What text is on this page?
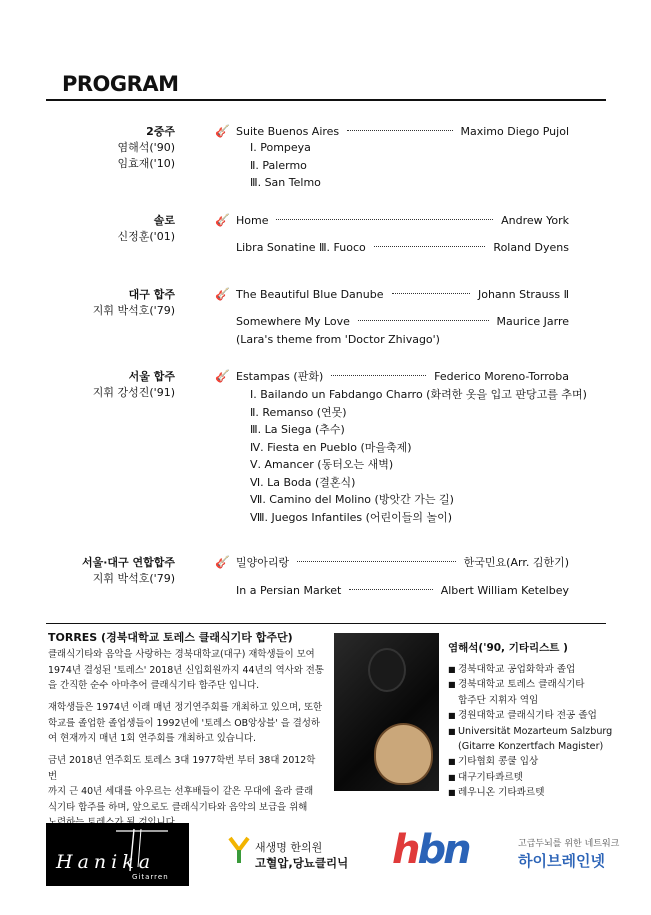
PROGRAM
2중주
염해석('90)
임효재('10)
🎸 Suite Buenos Aires	Maximo Diego Pujol
Ⅰ. Pompeya
Ⅱ. Palermo
Ⅲ. San Telmo
솔로
신정훈('01)
🎸 Home	Andrew York
Libra Sonatine Ⅲ. Fuoco	Roland Dyens
대구 합주
지휘 박석호('79)
🎸 The Beautiful Blue Danube	Johann Strauss Ⅱ
Somewhere My Love	Maurice Jarre
(Lara's theme from 'Doctor Zhivago')
서울 합주
지휘 강성진('91)
🎸 Estampas (판화)	Federico Moreno-Torroba
Ⅰ. Bailando un Fabdango Charro (화려한 옷을 입고 판당고를 추며)
Ⅱ. Remanso (연못)
Ⅲ. La Siega (추수)
Ⅳ. Fiesta en Pueblo (마을축제)
Ⅴ. Amancer (동터오는 새벽)
Ⅵ. La Boda (결혼식)
Ⅶ. Camino del Molino (방앗간 가는 길)
Ⅷ. Juegos Infantiles (어린이들의 놀이)
서울·대구 연합합주
지휘 박석호('79)
🎸 밀양아리랑	한국민요(Arr. 김한기)
In a Persian Market	Albert William Ketelbey
TORRES (경북대학교 토레스 클래식기타 합주단)
클래식기타와 음악을 사랑하는 경북대학교(대구) 재학생들이 모여
1974년 결성된 '토레스' 2018년 신입회원까지 44년의 역사와 전통
을 간직한 순수 아마추어 클래식기타 합주단 입니다.
재학생들은 1974년 이래 매년 정기연주회를 개최하고 있으며, 또한
학교를 졸업한 졸업생들이 1992년에 '토레스 OB앙상블' 을 결성하
여 현재까지 매년 1회 연주회를 개최하고 있습니다.
금년 2018년 연주회도 토레스 3대 1977학번 부터 38대 2012학번
까지 근 40년 세대를 아우르는 선후배들이 같은 무대에 올라 클래
식기타 합주를 하며, 앞으로도 클래식기타와 음악의 보급을 위해
염해석('90, 기타리스트 )
■ 경북대학교 공업화학과 졸업
■ 경북대학교 토레스 클래식기타
합주단 지휘자 역임
■ 경원대학교 클래식기타 전공 졸업
■ Universität Mozarteum Salzburg
(Gitarre Konzertfach Magister)
■ 기타협회 콩쿨 입상
■ 대구기타콰르텟
■ 레우니온 기타콰르텟
Hanika
Gitarren
새생명 한의원
고혈압,당뇨클리닉 hbn	고급두뇌를 위한 네트워크
하이브레인넷
